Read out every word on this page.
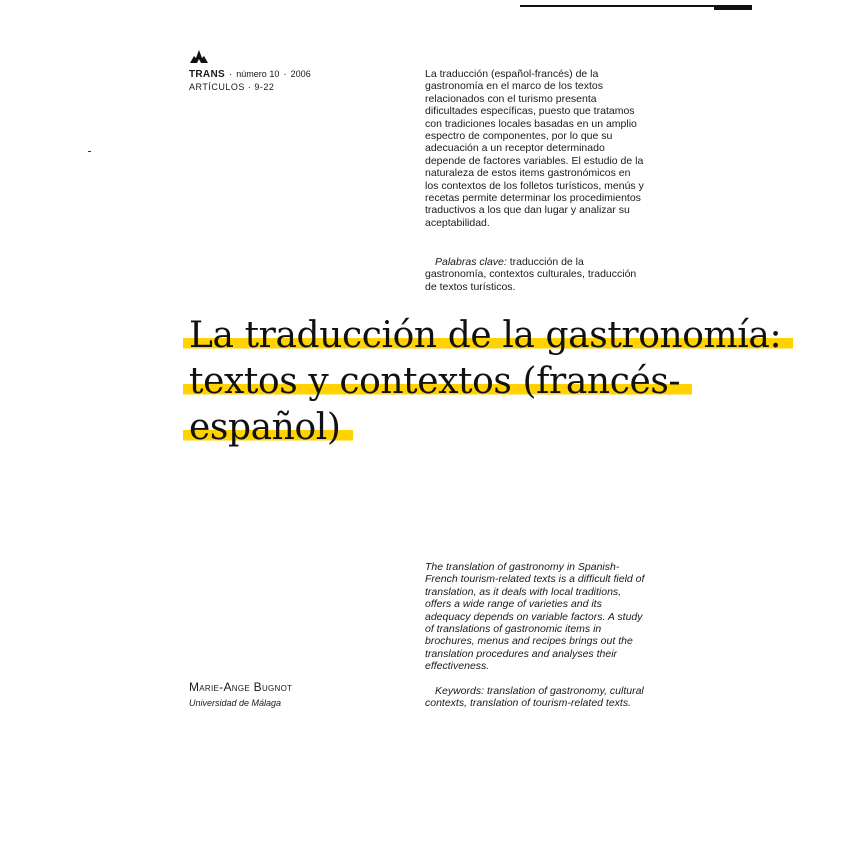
TRANS · número 10 · 2006
ARTÍCULOS · 9-22

La traducción (español-francés) de la gastronomía en el marco de los textos relacionados con el turismo presenta dificultades específicas, puesto que tratamos con tradiciones locales basadas en un amplio espectro de componentes, por lo que su adecuación a un receptor determinado depende de factores variables. El estudio de la naturaleza de estos items gastronómicos en los contextos de los folletos turísticos, menús y recetas permite determinar los procedimientos traductivos a los que dan lugar y analizar su aceptabilidad.

Palabras clave: traducción de la gastronomía, contextos culturales, traducción de textos turísticos.
La traducción de la gastronomía: textos y contextos (francés-español)

The translation of gastronomy in Spanish-French tourism-related texts is a difficult field of translation, as it deals with local traditions, offers a wide range of varieties and its adequacy depends on variable factors. A study of translations of gastronomic items in brochures, menus and recipes brings out the translation procedures and analyses their effectiveness.

Keywords: translation of gastronomy, cultural contexts, translation of tourism-related texts.
Marie-Ange Bugnot
Universidad de Málaga
